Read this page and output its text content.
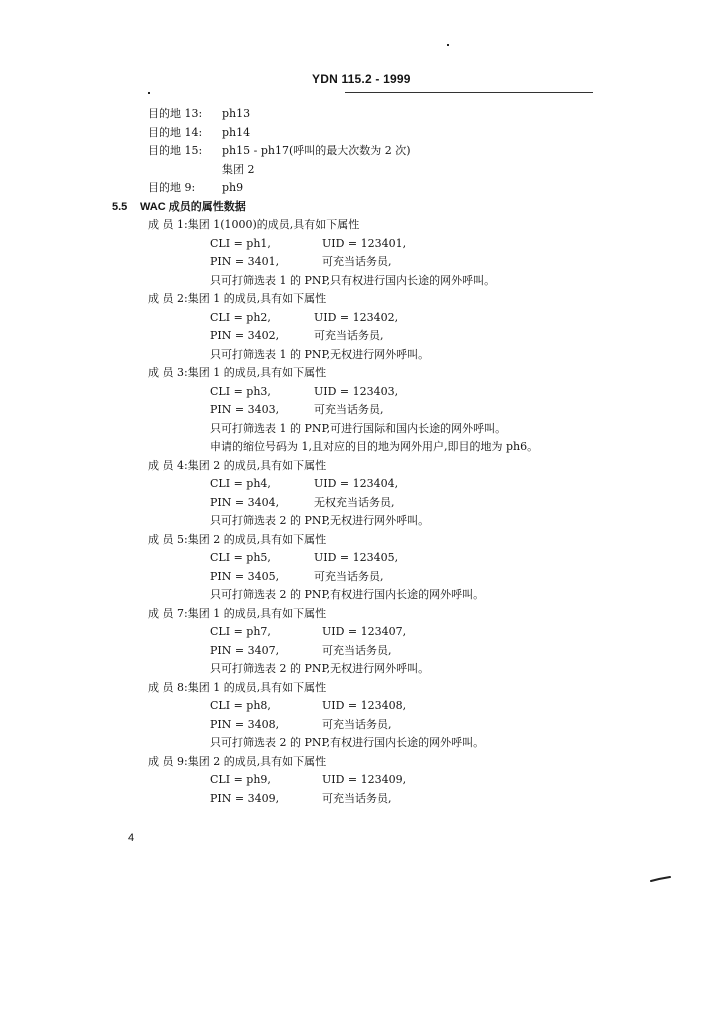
YDN 115.2 - 1999
目的地 13: ph13
目的地 14: ph14
目的地 15: ph15 - ph17(呼叫的最大次数为 2 次)
集团 2
目的地 9: ph9
5.5 WAC 成员的属性数据
成 员 1:集团 1(1000)的成员,具有如下属性
CLI = ph1,	UID = 123401,
PIN = 3401,	可充当话务员,
只可打筛选表 1 的 PNP,只有权进行国内长途的网外呼叫。
成 员 2:集团 1 的成员,具有如下属性
CLI = ph2,	UID = 123402,
PIN = 3402,	可充当话务员,
只可打筛选表 1 的 PNP,无权进行网外呼叫。
成 员 3:集团 1 的成员,具有如下属性
CLI = ph3,	UID = 123403,
PIN = 3403,	可充当话务员,
只可打筛选表 1 的 PNP,可进行国际和国内长途的网外呼叫。
申请的缩位号码为 1,且对应的目的地为网外用户,即目的地为 ph6。
成 员 4:集团 2 的成员,具有如下属性
CLI = ph4,	UID = 123404,
PIN = 3404,	无权充当话务员,
只可打筛选表 2 的 PNP,无权进行网外呼叫。
成 员 5:集团 2 的成员,具有如下属性
CLI = ph5,	UID = 123405,
PIN = 3405,	可充当话务员,
只可打筛选表 2 的 PNP,有权进行国内长途的网外呼叫。
成 员 7:集团 1 的成员,具有如下属性
CLI = ph7,	UID = 123407,
PIN = 3407,	可充当话务员,
只可打筛选表 2 的 PNP,无权进行网外呼叫。
成 员 8:集团 1 的成员,具有如下属性
CLI = ph8,	UID = 123408,
PIN = 3408,	可充当话务员,
只可打筛选表 2 的 PNP,有权进行国内长途的网外呼叫。
成 员 9:集团 2 的成员,具有如下属性
CLI = ph9,	UID = 123409,
PIN = 3409,	可充当话务员,
4
